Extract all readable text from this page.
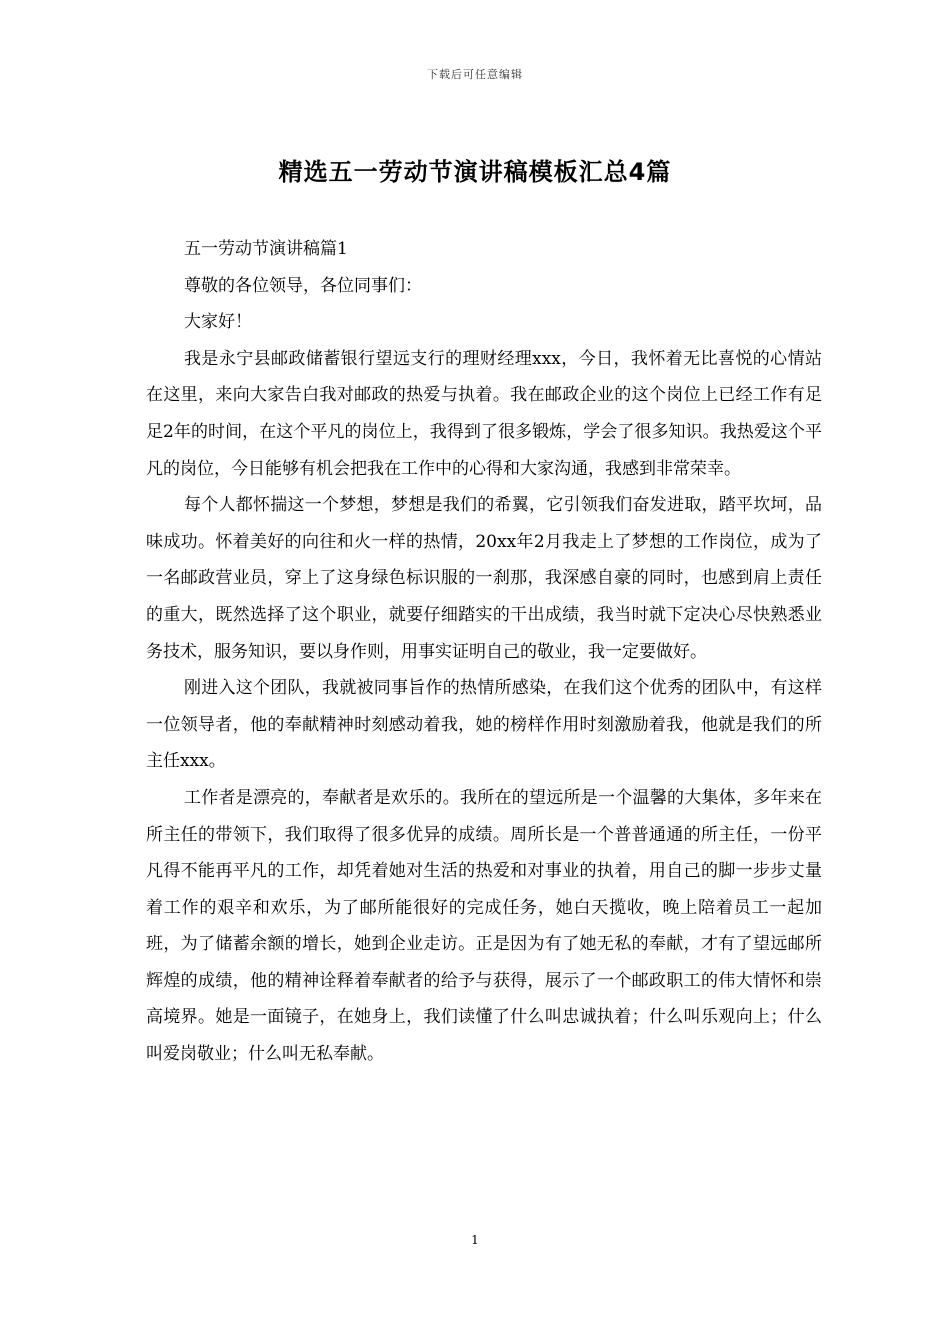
下载后可任意编辑
精选五一劳动节演讲稿模板汇总4篇

五一劳动节演讲稿篇1

尊敬的各位领导，各位同事们：

大家好！

我是永宁县邮政储蓄银行望远支行的理财经理xxx，今日，我怀着无比喜悦的心情站在这里，来向大家告白我对邮政的热爱与执着。我在邮政企业的这个岗位上已经工作有足足2年的时间，在这个平凡的岗位上，我得到了很多锻炼，学会了很多知识。我热爱这个平凡的岗位，今日能够有机会把我在工作中的心得和大家沟通，我感到非常荣幸。

每个人都怀揣这一个梦想，梦想是我们的希翼，它引领我们奋发进取，踏平坎坷，品味成功。怀着美好的向往和火一样的热情，20xx年2月我走上了梦想的工作岗位，成为了一名邮政营业员，穿上了这身绿色标识服的一刹那，我深感自豪的同时，也感到肩上责任的重大，既然选择了这个职业，就要仔细踏实的干出成绩，我当时就下定决心尽快熟悉业务技术，服务知识，要以身作则，用事实证明自己的敬业，我一定要做好。

刚进入这个团队，我就被同事旨作的热情所感染，在我们这个优秀的团队中，有这样一位领导者，他的奉献精神时刻感动着我，她的榜样作用时刻激励着我，他就是我们的所主任xxx。

工作者是漂亮的，奉献者是欢乐的。我所在的望远所是一个温馨的大集体，多年来在所主任的带领下，我们取得了很多优异的成绩。周所长是一个普普通通的所主任，一份平凡得不能再平凡的工作，却凭着她对生活的热爱和对事业的执着，用自己的脚一步步丈量着工作的艰辛和欢乐，为了邮所能很好的完成任务，她白天揽收，晚上陪着员工一起加班，为了储蓄余额的增长，她到企业走访。正是因为有了她无私的奉献，才有了望远邮所辉煌的成绩，他的精神诠释着奉献者的给予与获得，展示了一个邮政职工的伟大情怀和崇高境界。她是一面镜子，在她身上，我们读懂了什么叫忠诚执着；什么叫乐观向上；什么叫爱岗敬业；什么叫无私奉献。

1
